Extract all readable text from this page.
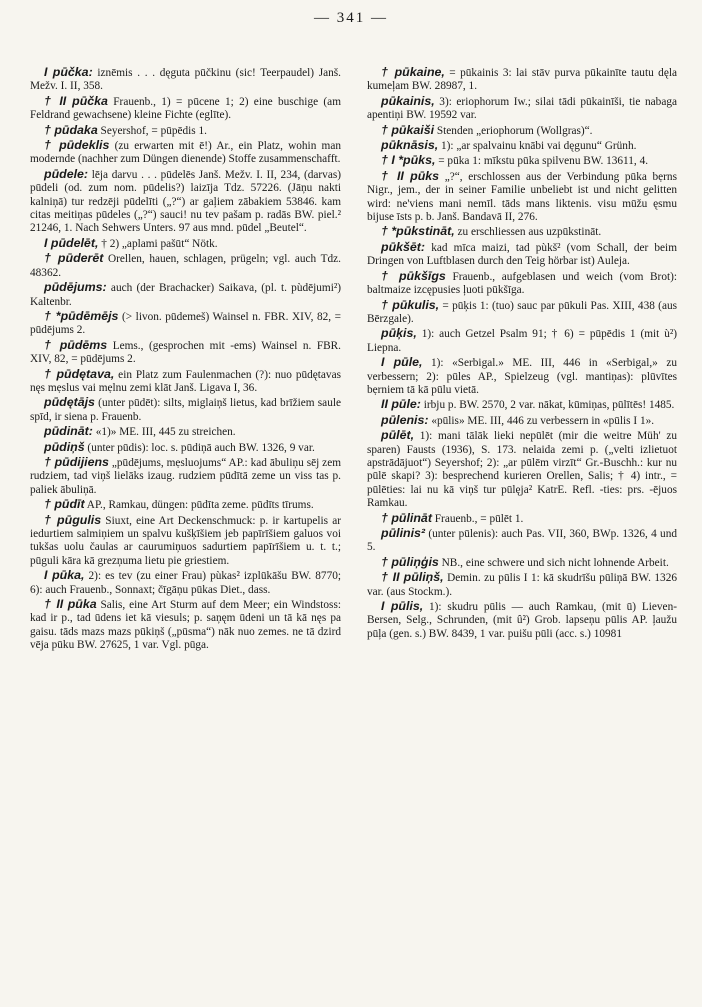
— 341 —

I pūčka: iznēmis . . . dęguta pūčkinu (sic! Teerpaudel) Janš. Mežv. I. II, 358.

† II pūčka Frauenb., 1) = pūcene 1; 2) eine buschige (am Feldrand gewachsene) kleine Fichte (eglīte).

† pūdaka Seyershof, = pūpēdis 1.

† pūdeklis (zu erwarten mit ē!) Ar., ein Platz, wohin man modernde (nachher zum Düngen dienende) Stoffe zusammenschafft.

pūdele: lēja darvu . . . pūdelēs Janš. Mežv. I. II, 234, (darvas) pūdeli (od. zum nom. pūdelis?) laizīja Tdz. 57226. (Jāņu nakti kalniņā) tur redzēji pūdelīti („?“) ar gaļiem zābakiem 53846. kam citas meitiņas pūdeles („?“) sauci! nu tev pašam p. radās BW. piel.² 21246, 1. Nach Sehwers Unters. 97 aus mnd. pūdel „Beutel“.

I pūdelēt, † 2) „aplami pašūt“ Nötk.

† pūderēt Orellen, hauen, schlagen, prügeln; vgl. auch Tdz. 48362.

pūdējums: auch (der Brachacker) Saikava, (pl. t. pùdējumi²) Kaltenbr.

† *pūdēmējs (> livon. pūdemeš) Wainsel n. FBR. XIV, 82, = pūdējums 2.

† pūdēms Lems., (gesprochen mit -ems) Wainsel n. FBR. XIV, 82, = pūdējums 2.

† pūdętava, ein Platz zum Faulenmachen (?): nuo pūdętavas nęs mẹslus vai mẹlnu zemi klāt Janš. Ligava I, 36.

pūdętājs (unter pūdēt): silts, miglaiņš lietus, kad brīžiem saule spīd, ir siena p. Frauenb.

pūdināt: «1)» ME. III, 445 zu streichen.

pūdiņš (unter pūdis): loc. s. pūdiņā auch BW. 1326, 9 var.

† pūdijiens „pūdējums, mẹsluojums“ AP.: kad ābuliņu sēj zem rudziem, tad viņš lielāks izaug. rudziem pūdītā zeme un viss tas p. paliek ābuliņā.

† pūdīt AP., Ramkau, düngen: pūdīta zeme. pūdīts tīrums.

† pūgulis Siuxt, eine Art Deckenschmuck: p. ir kartupelis ar iedurtiem salmiņiem un spalvu kušķīšiem jeb papīrīšiem galuos voi tukšas uolu čaulas ar caurumiņuos sadurtiem papīrīšiem u. t. t.; pūguli kāra kā grezņuma lietu pie griestiem.

I pūka, 2): es tev (zu einer Frau) pùkas² izplūkāšu BW. 8770; 6): auch Frauenb., Sonnaxt; čīgāņu pūkas Diet., dass.

† II pūka Salis, eine Art Sturm auf dem Meer; ein Windstoss: kad ir p., tad ūdens iet kā viesuls; p. saņęm ūdeni un tā kā nęs pa gaisu. tāds mazs mazs pūkiņš („pūsma“) nāk nuo zemes. ne tā dzird vēja pūku BW. 27625, 1 var. Vgl. pūga.

† pūkaine, = pūkainis 3: lai stāv purva pūkainīte tautu dęla kumeļam BW. 28987, 1.

pūkainis, 3): eriophorum Iw.; silai tādi pūkainīši, tie nabaga apentiņi BW. 19592 var.

† pūkaiši Stenden „eriophorum (Wollgras)“.

pūknāsis, 1): „ar spalvainu knābi vai dęgunu“ Grünh.

† I *pūks, = pūka 1: mīkstu pūka spilvenu BW. 13611, 4.

† II pūks „?“, erschlossen aus der Verbindung pūka bẹrns Nigr., jem., der in seiner Familie unbeliebt ist und nicht gelitten wird: ne'viens mani nemīl. tāds mans liktenis. visu mūžu ęsmu bijuse īsts p. b. Janš. Bandavā II, 276.

† *pūkstināt, zu erschliessen aus uzpūkstināt.

pūkšēt: kad mīca maizi, tad pùkš² (vom Schall, der beim Dringen von Luftblasen durch den Teig hörbar ist) Auleja.

† pūkšīgs Frauenb., aufgeblasen und weich (vom Brot): baltmaize izcępusies ļuoti pūkšīga.

† pūkulis, = pūķis 1: (tuo) sauc par pūkuli Pas. XIII, 438 (aus Bērzgale).

pūķis, 1): auch Getzel Psalm 91; † 6) = pūpēdis 1 (mit ù²) Liepna.

I pūle, 1): «Serbigal.» ME. III, 446 in «Serbigal,» zu verbessern; 2): pūles AP., Spielzeug (vgl. mantiņas): plūvītes bẹrniem tā kā pūlu vietā.

II pūle: irbju p. BW. 2570, 2 var. nākat, kūmiņas, pūlītēs! 1485.

pūlenis: «pūlis» ME. III, 446 zu verbessern in «pūlis I 1».

pūlēt, 1): mani tālāk lieki nepūlēt (mir die weitre Müh' zu sparen) Fausts (1936), S. 173. nelaida zemi p. („velti izlietuot apstrādājuot“) Seyershof; 2): „ar pūlēm virzīt“ Gr.-Buschh.: kur nu pūlē skapi? 3): besprechend kurieren Orellen, Salis; † 4) intr., = pūlēties: lai nu kā viņš tur pūlęja² KatrE. Refl. -ties: prs. -ējuos Ramkau.

† pūlināt Frauenb., = pūlēt 1.

pūlinis² (unter pūlenis): auch Pas. VII, 360, BWp. 1326, 4 und 5.

† pūliņģis NB., eine schwere und sich nicht lohnende Arbeit.

† II pūliņš, Demin. zu pūlis I 1: kā skudrīšu pūliņā BW. 1326 var. (aus Stockm.).

I pūlis, 1): skudru pūlis — auch Ramkau, (mit ū) Lieven-Bersen, Selg., Schrunden, (mit û²) Grob. lapseņu pūlis AP. ļaužu pūļa (gen. s.) BW. 8439, 1 var. puišu pūli (acc. s.) 10981
